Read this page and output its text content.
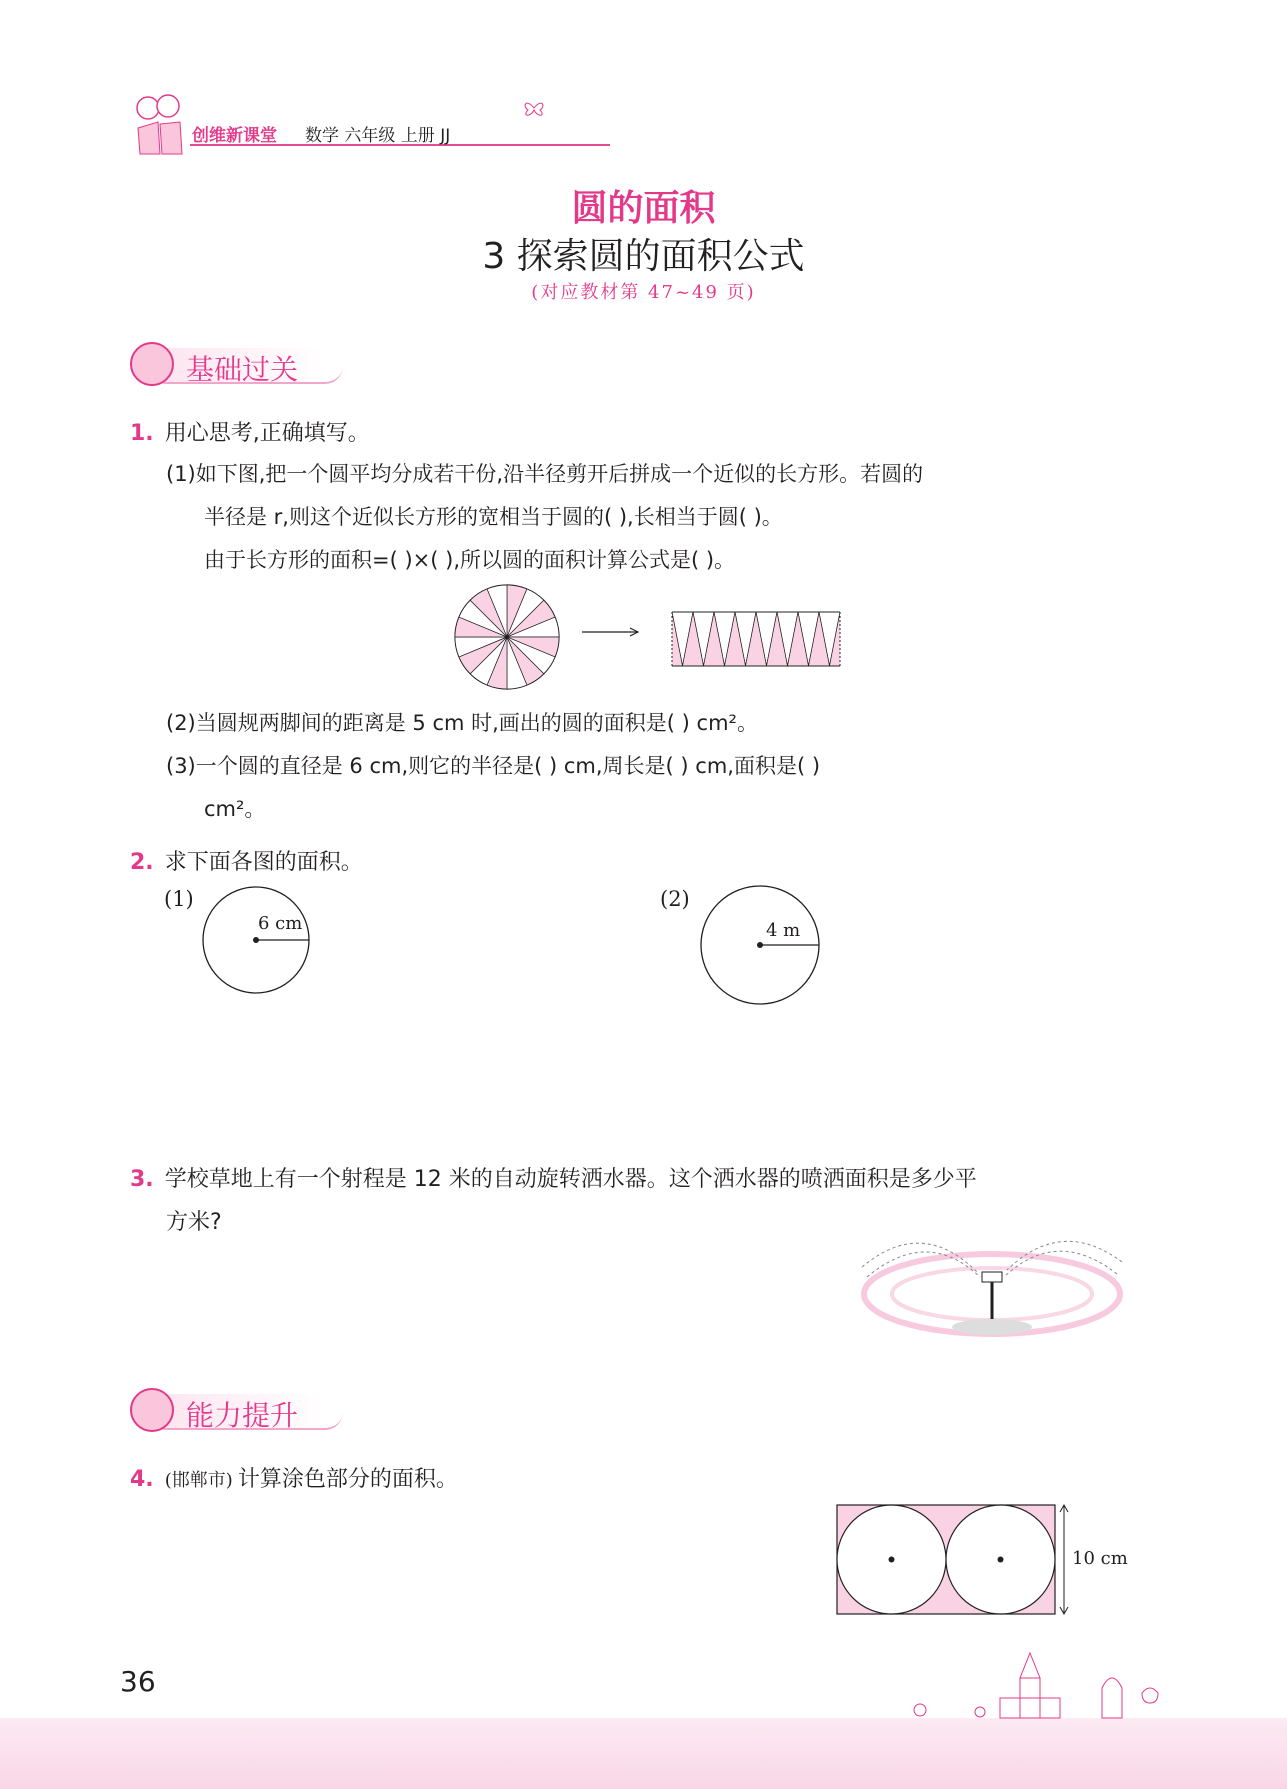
创维新课堂 数学 六年级 上册 JJ
圆的面积
3 探索圆的面积公式
(对应教材第 47~49 页)
基础过关
1. 用心思考,正确填写。
(1)如下图,把一个圆平均分成若干份,沿半径剪开后拼成一个近似的长方形。若圆的
半径是 r,则这个近似长方形的宽相当于圆的( ),长相当于圆( )。
由于长方形的面积=( )×( ),所以圆的面积计算公式是( )。
(2)当圆规两脚间的距离是 5 cm 时,画出的圆的面积是( ) cm²。
(3)一个圆的直径是 6 cm,则它的半径是( ) cm,周长是( ) cm,面积是( )
cm²。
2. 求下面各图的面积。
(1)
6 cm
(2)
4 m
3. 学校草地上有一个射程是 12 米的自动旋转洒水器。这个洒水器的喷洒面积是多少平
方米?
能力提升
4. (邯郸市) 计算涂色部分的面积。
10 cm
36
